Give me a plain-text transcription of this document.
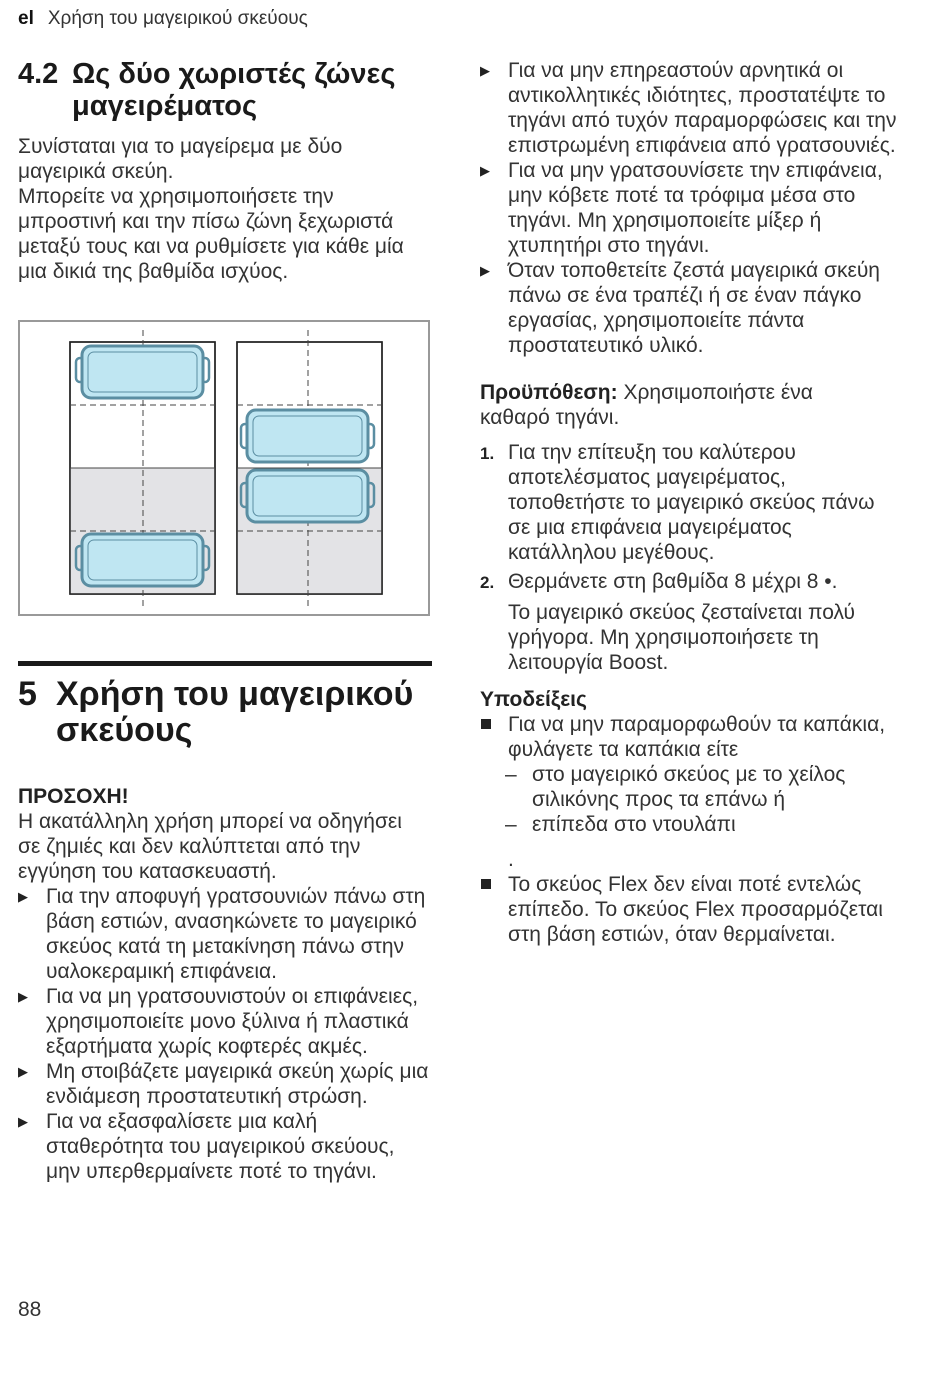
el Χρήση του μαγειρικού σκεύους
4.2 Ως δύο χωριστές ζώνες μαγειρέματος

Συνίσταται για το μαγείρεμα με δύο μαγειρικά σκεύη.

Μπορείτε να χρησιμοποιήσετε την μπροστινή και την πίσω ζώνη ξεχωριστά μεταξύ τους και να ρυθμίσετε για κάθε μία μια δικιά της βαθμίδα ισχύος.

5 Χρήση του μαγειρικού σκεύους
ΠΡΟΣΟΧΗ!

Η ακατάλληλη χρήση μπορεί να οδηγήσει σε ζημιές και δεν καλύπτεται από την εγγύηση του κατασκευαστή.

▶ Για την αποφυγή γρατσουνιών πάνω στη βάση εστιών, ανασηκώνετε το μαγειρικό σκεύος κατά τη μετακίνηση πάνω στην υαλοκεραμική επιφάνεια.
▶ Για να μη γρατσουνιστούν οι επιφάνειες, χρησιμοποιείτε μονο ξύλινα ή πλαστικά εξαρτήματα χωρίς κοφτερές ακμές.
▶ Μη στοιβάζετε μαγειρικά σκεύη χωρίς μια ενδιάμεση προστατευτική στρώση.
▶ Για να εξασφαλίσετε μια καλή σταθερότητα του μαγειρικού σκεύους, μην υπερθερμαίνετε ποτέ το τηγάνι.
▶ Για να μην επηρεαστούν αρνητικά οι αντικολλητικές ιδιότητες, προστατέψτε το τηγάνι από τυχόν παραμορφώσεις και την επιστρωμένη επιφάνεια από γρατσουνιές.
▶ Για να μην γρατσουνίσετε την επιφάνεια, μην κόβετε ποτέ τα τρόφιμα μέσα στο τηγάνι. Μη χρησιμοποιείτε μίξερ ή χτυπητήρι στο τηγάνι.
▶ Όταν τοποθετείτε ζεστά μαγειρικά σκεύη πάνω σε ένα τραπέζι ή σε έναν πάγκο εργασίας, χρησιμοποιείτε πάντα προστατευτικό υλικό.

Προϋπόθεση: Χρησιμοποιήστε ένα καθαρό τηγάνι.

1. Για την επίτευξη του καλύτερου αποτελέσματος μαγειρέματος, τοποθετήστε το μαγειρικό σκεύος πάνω σε μια επιφάνεια μαγειρέματος κατάλληλου μεγέθους.
2. Θερμάνετε στη βαθμίδα 8 μέχρι 8 •.
Το μαγειρικό σκεύος ζεσταίνεται πολύ γρήγορα. Μη χρησιμοποιήσετε τη λειτουργία Boost.
Υποδείξεις
Για να μην παραμορφωθούν τα καπάκια, φυλάγετε τα καπάκια είτε
– στο μαγειρικό σκεύος με το χείλος σιλικόνης προς τα επάνω ή
– επίπεδα στο ντουλάπι

.

Το σκεύος Flex δεν είναι ποτέ εντελώς επίπεδο. Το σκεύος Flex προσαρμόζεται στη βάση εστιών, όταν θερμαίνεται.
88
